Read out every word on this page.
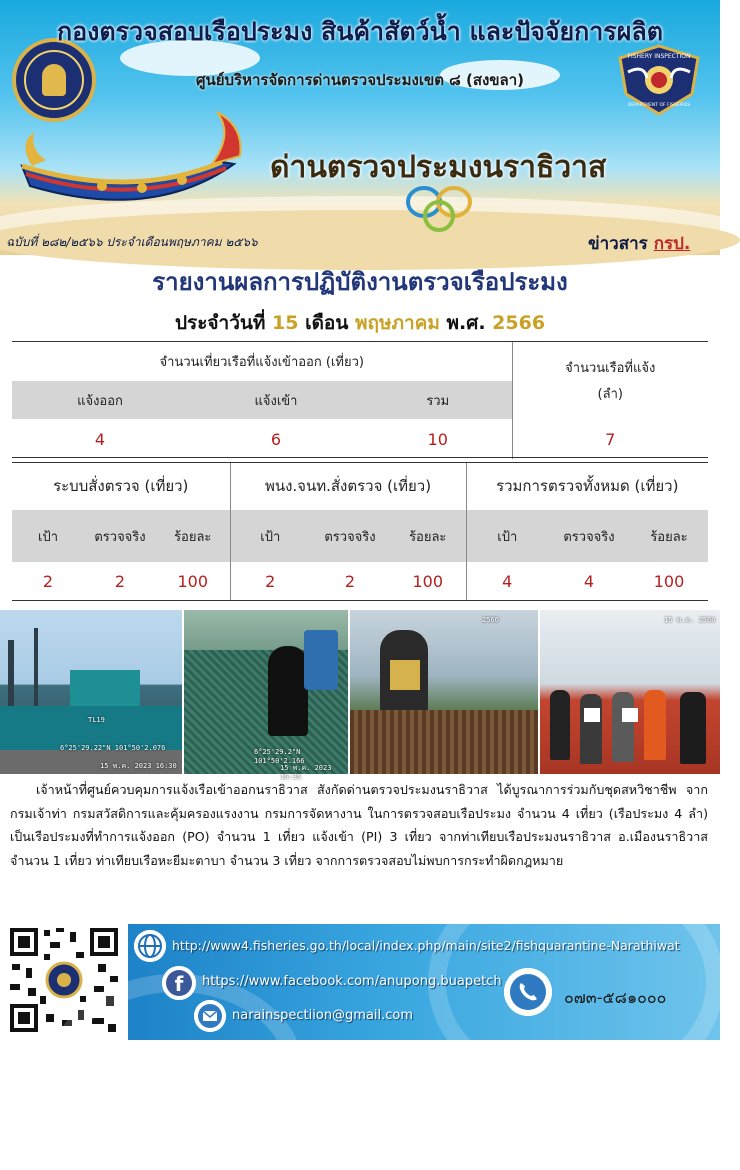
FISHERY INSPECTION
DEPARTMENT OF FISHERIES
กองตรวจสอบเรือประมง สินค้าสัตว์น้ำ และปัจจัยการผลิต
ศูนย์บริหารจัดการด่านตรวจประมงเขต ๘ (สงขลา)
ด่านตรวจประมงนราธิวาส
ฉบับที่ ๒๘๒/๒๕๖๖ ประจำเดือนพฤษภาคม ๒๕๖๖	ข่าวสาร กรป.
รายงานผลการปฏิบัติงานตรวจเรือประมง
ประจำวันที่ 15 เดือน พฤษภาคม พ.ศ. 2566
จำนวนเที่ยวเรือที่แจ้งเข้าออก (เที่ยว)			จำนวนเรือที่แจ้ง
(ลำ)

แจ้งออก	แจ้งเข้า	รวม	
4	6	10	7
ระบบสั่งตรวจ (เที่ยว)			พนง.จนท.สั่งตรวจ (เที่ยว)			รวมการตรวจทั้งหมด (เที่ยว)		
เป้า	ตรวจจริง	ร้อยละ	เป้า	ตรวจจริง	ร้อยละ	เป้า	ตรวจจริง	ร้อยละ
2	2	100	2	2	100	4	4	100
TL19
6°25'29.22"N 101°50'2.076
15 พ.ค. 2023 16:30
6°25'29.2"N 101°50'2.166
15 พ.ค. 2023 16:35
2566	15 พ.ค. 2566
เจ้าหน้าที่ศูนย์ควบคุมการแจ้งเรือเข้าออกนราธิวาส สังกัดด่านตรวจประมงนราธิวาส ได้บูรณาการร่วมกับชุดสหวิชาชีพ จากกรมเจ้าท่า กรมสวัสดิการและคุ้มครองแรงงาน กรมการจัดหางาน ในการตรวจสอบเรือประมง จำนวน 4 เที่ยว (เรือประมง 4 ลำ) เป็นเรือประมงที่ทำการแจ้งออก (PO) จำนวน 1 เที่ยว แจ้งเข้า (PI) 3 เที่ยว จากท่าเทียบเรือประมงนราธิวาส อ.เมืองนราธิวาส จำนวน 1 เที่ยว ท่าเทียบเรือหะยีมะตาบา จำนวน 3 เที่ยว จากการตรวจสอบไม่พบการกระทำผิดกฎหมาย
http://www4.fisheries.go.th/local/index.php/main/site2/fishquarantine-Narathiwat
f https://www.facebook.com/anupong.buapetch
narainspectiion@gmail.com
๐๗๓-๕๘๑๐๐๐
